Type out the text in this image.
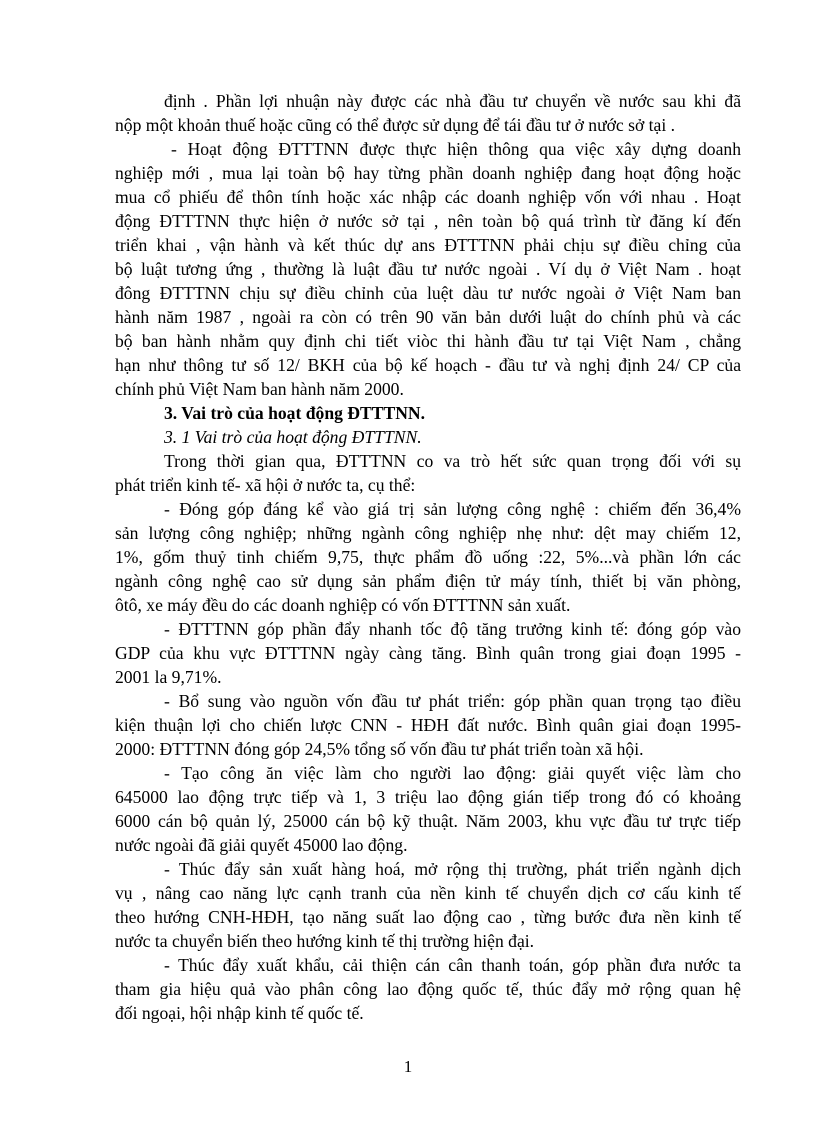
định . Phần lợi nhuận này được các nhà đầu tư chuyển về nước sau khi đã
nộp một khoản thuế hoặc cũng có thể được sử dụng để tái đầu tư ở nước sở tại .
- Hoạt động ĐTTTNN được thực hiện thông qua việc xây dựng doanh
nghiệp mới , mua lại toàn bộ hay từng phần doanh nghiệp đang hoạt động hoặc
mua cổ phiếu để thôn tính hoặc xác nhập các doanh nghiệp vốn với nhau . Hoạt
động ĐTTTNN thực hiện ở nước sở tại , nên toàn bộ quá trình từ đăng kí đến
triển khai , vận hành và kết thúc dự ans ĐTTTNN phải chịu sự điều chỉng của
bộ luật tương ứng , thường là luật đầu tư nước ngoài . Ví dụ ở Việt Nam . hoạt
đông ĐTTTNN chịu sự điều chỉnh của luệt dàu tư nước ngoài ở Việt Nam ban
hành năm 1987 , ngoài ra còn có trên 90 văn bản dưới luật do chính phủ và các
bộ ban hành nhằm quy định chi tiết viòc thi hành đầu tư tại Việt Nam , chẳng
hạn như thông tư số 12/ BKH của bộ kế hoạch - đầu tư và nghị định 24/ CP của
chính phủ Việt Nam ban hành năm 2000.
3. Vai trò của hoạt động ĐTTTNN.
3. 1 Vai trò của hoạt động ĐTTTNN.
Trong thời gian qua, ĐTTTNN co va trò hết sức quan trọng đối với sụ
phát triển kinh tế- xã hội ở nước ta, cụ thể:
- Đóng góp đáng kể vào giá trị sản lượng công nghệ : chiếm đến 36,4%
sản lượng công nghiệp; những ngành công nghiệp nhẹ như: dệt may chiếm 12,
1%, gốm thuỷ tinh chiếm 9,75, thực phẩm đồ uống :22, 5%...và phần lớn các
ngành công nghệ cao sử dụng sản phẩm điện tử máy tính, thiết bị văn phòng,
ôtô, xe máy đều do các doanh nghiệp có vốn ĐTTTNN sản xuất.
- ĐTTTNN góp phần đẩy nhanh tốc độ tăng trưởng kinh tế: đóng góp vào
GDP của khu vực ĐTTTNN ngày càng tăng. Bình quân trong giai đoạn 1995 -
2001 la 9,71%.
- Bổ sung vào nguồn vốn đầu tư phát triển: góp phần quan trọng tạo điều
kiện thuận lợi cho chiến lược CNN - HĐH đất nước. Bình quân giai đoạn 1995-
2000: ĐTTTNN đóng góp 24,5% tổng số vốn đầu tư phát triển toàn xã hội.
- Tạo công ăn việc làm cho người lao động: giải quyết việc làm cho
645000 lao động trực tiếp và 1, 3 triệu lao động gián tiếp trong đó có khoảng
6000 cán bộ quản lý, 25000 cán bộ kỹ thuật. Năm 2003, khu vực đầu tư trực tiếp
nước ngoài đã giải quyết 45000 lao động.
- Thúc đẩy sản xuất hàng hoá, mở rộng thị trường, phát triển ngành dịch
vụ , nâng cao năng lực cạnh tranh của nền kinh tế chuyển dịch cơ cấu kinh tế
theo hướng CNH-HĐH, tạo năng suất lao động cao , từng bước đưa nền kinh tế
nước ta chuyển biến theo hướng kinh tế thị trường hiện đại.
- Thúc đẩy xuất khẩu, cải thiện cán cân thanh toán, góp phần đưa nước ta
tham gia hiệu quả vào phân công lao động quốc tế, thúc đẩy mở rộng quan hệ
đối ngoại, hội nhập kinh tế quốc tế.
1
